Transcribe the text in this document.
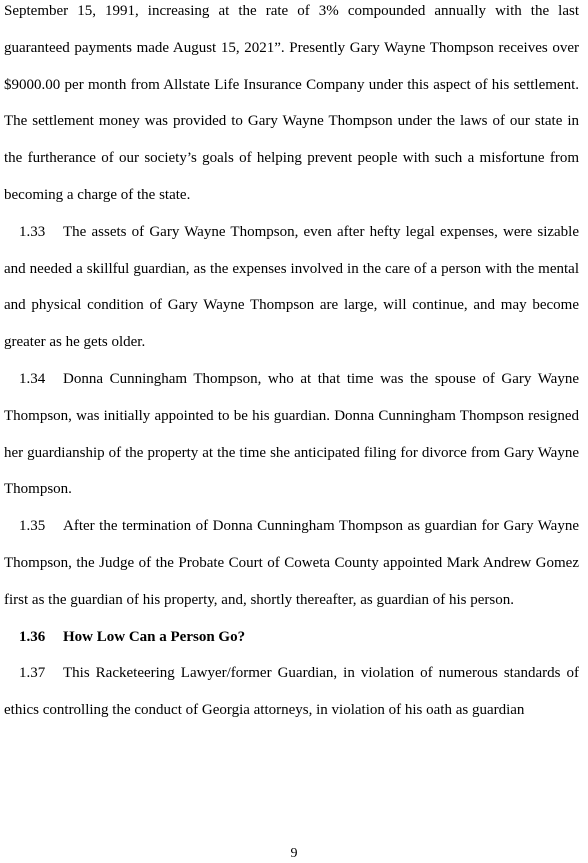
September 15, 1991, increasing at the rate of 3% compounded annually with the last guaranteed payments made August 15, 2021”. Presently Gary Wayne Thompson receives over $9000.00 per month from Allstate Life Insurance Company under this aspect of his settlement. The settlement money was provided to Gary Wayne Thompson under the laws of our state in the furtherance of our society’s goals of helping prevent people with such a misfortune from becoming a charge of the state.

1.33 The assets of Gary Wayne Thompson, even after hefty legal expenses, were sizable and needed a skillful guardian, as the expenses involved in the care of a person with the mental and physical condition of Gary Wayne Thompson are large, will continue, and may become greater as he gets older.

1.34 Donna Cunningham Thompson, who at that time was the spouse of Gary Wayne Thompson, was initially appointed to be his guardian. Donna Cunningham Thompson resigned her guardianship of the property at the time she anticipated filing for divorce from Gary Wayne Thompson.

1.35 After the termination of Donna Cunningham Thompson as guardian for Gary Wayne Thompson, the Judge of the Probate Court of Coweta County appointed Mark Andrew Gomez first as the guardian of his property, and, shortly thereafter, as guardian of his person.

1.36 How Low Can a Person Go?

1.37 This Racketeering Lawyer/former Guardian, in violation of numerous standards of ethics controlling the conduct of Georgia attorneys, in violation of his oath as guardian

9
